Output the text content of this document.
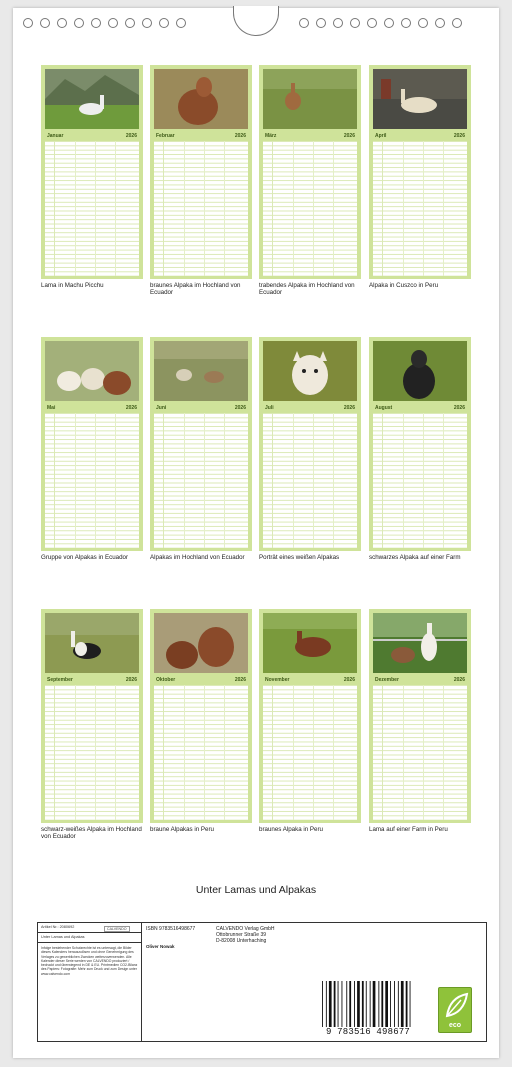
Januar	2026
Lama in Machu Picchu
Februar	2026
braunes Alpaka im Hochland von Ecuador
März	2026
trabendes Alpaka im Hochland von Ecuador
April	2026
Alpaka in Cuszco in Peru
Mai	2026
Gruppe von Alpakas in Ecuador
Juni	2026
Alpakas im Hochland von Ecuador
Juli	2026
Porträt eines weißen Alpakas
August	2026
schwarzes Alpaka auf einer Farm
September	2026
schwarz-weißes Alpaka im Hochland von Ecuador
Oktober	2026
braune Alpakas in Peru
November	2026
braunes Alpaka in Peru
Dezember	2026
Lama auf einer Farm in Peru
Unter Lamas und Alpakas
Artikel Nr.: 2080692	CALVENDO
Unter Lamas und Alpakas
Infolge bestehender Schutzrechte ist es untersagt, die Bilder dieses Kalenders herauszulösen und ohne Genehmigung des Verlages zu gewerblichen Zwecken weiterzuverwenden. Alle Kalender dieser Serie werden von CALVENDO produziert / bedruckt und überwiegend in DE & EU. Printmedien CO2-Bilanz des Papiers: Fotografie: Mehr zum Druck und zum Design unter www.calvendo.com
ISBN 9783516498677
Oliver Nowak
CALVENDO Verlag GmbH
Ottobrunner Straße 39
D-82008 Unterhaching
9 783516 498677
eco
